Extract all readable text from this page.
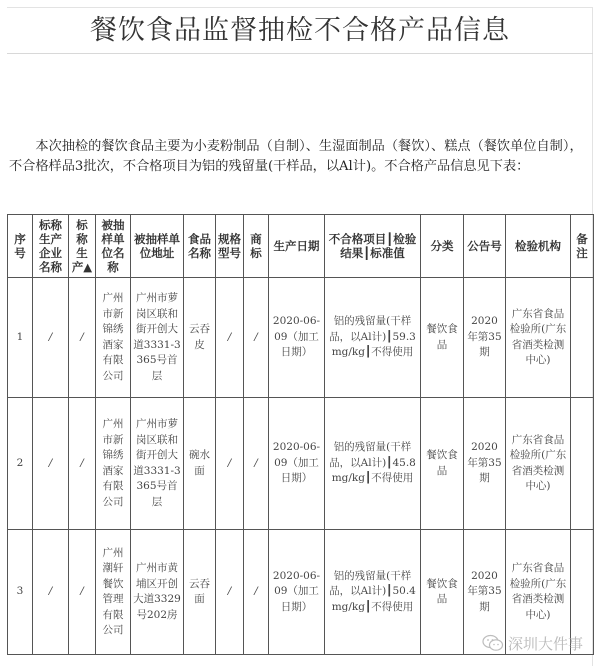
餐饮食品监督抽检不合格产品信息

本次抽检的餐饮食品主要为小麦粉制品（自制）、生湿面制品（餐饮）、糕点（餐饮单位自制），不合格样品3批次，不合格项目为铝的残留量(干样品，以Al计)。不合格产品信息见下表：

序号	标称生产企业名称	标称生产▲	被抽样单位名称	被抽样单位地址	食品名称	规格型号	商标	生产日期	不合格项目┃检验结果┃标准值	分类	公告号	检验机构	备注
1	/	/	广州市新锦绣酒家有限公司	广州市萝岗区联和街开创大道3331-3365号首层	云吞皮	/	/	2020-06-09（加工日期）	铝的残留量(干样品，以Al计)┃59.3mg/kg┃不得使用	餐饮食品	2020年第35期	广东省食品检验所(广东省酒类检测中心)	
2	/	/	广州市新锦绣酒家有限公司	广州市萝岗区联和街开创大道3331-3365号首层	碗水面	/	/	2020-06-09（加工日期）	铝的残留量(干样品，以Al计)┃45.8mg/kg┃不得使用	餐饮食品	2020年第35期	广东省食品检验所(广东省酒类检测中心)	
3	/	/	广州潮轩餐饮管理有限公司	广州市黄埔区开创大道3329号202房	云吞面	/	/	2020-06-09（加工日期）	铝的残留量(干样品，以Al计)┃50.4mg/kg┃不得使用	餐饮食品	2020年第35期	广东省食品检验所(广东省酒类检测中心)	
深圳大件事
